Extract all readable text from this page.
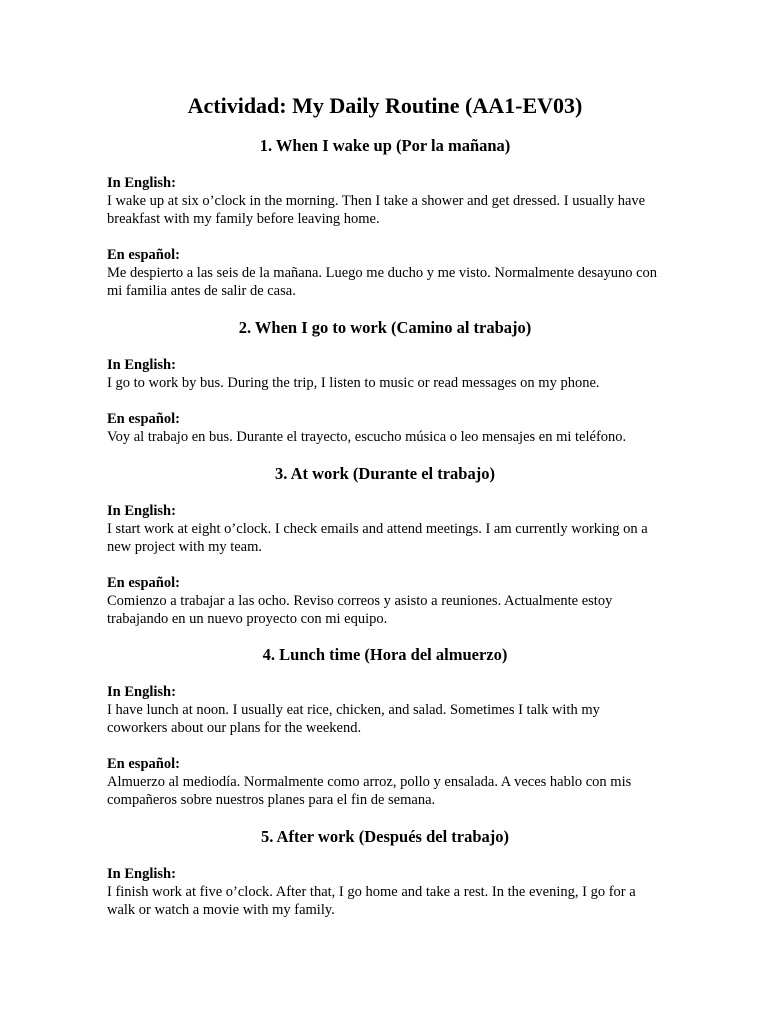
Actividad: My Daily Routine (AA1-EV03)
1. When I wake up (Por la mañana)

In English:

I wake up at six o’clock in the morning. Then I take a shower and get dressed. I usually have breakfast with my family before leaving home.

En español:

Me despierto a las seis de la mañana. Luego me ducho y me visto. Normalmente desayuno con mi familia antes de salir de casa.

2. When I go to work (Camino al trabajo)

In English:

I go to work by bus. During the trip, I listen to music or read messages on my phone.

En español:

Voy al trabajo en bus. Durante el trayecto, escucho música o leo mensajes en mi teléfono.

3. At work (Durante el trabajo)

In English:

I start work at eight o’clock. I check emails and attend meetings. I am currently working on a new project with my team.

En español:

Comienzo a trabajar a las ocho. Reviso correos y asisto a reuniones. Actualmente estoy trabajando en un nuevo proyecto con mi equipo.

4. Lunch time (Hora del almuerzo)

In English:

I have lunch at noon. I usually eat rice, chicken, and salad. Sometimes I talk with my coworkers about our plans for the weekend.

En español:

Almuerzo al mediodía. Normalmente como arroz, pollo y ensalada. A veces hablo con mis compañeros sobre nuestros planes para el fin de semana.

5. After work (Después del trabajo)

In English:

I finish work at five o’clock. After that, I go home and take a rest. In the evening, I go for a walk or watch a movie with my family.
